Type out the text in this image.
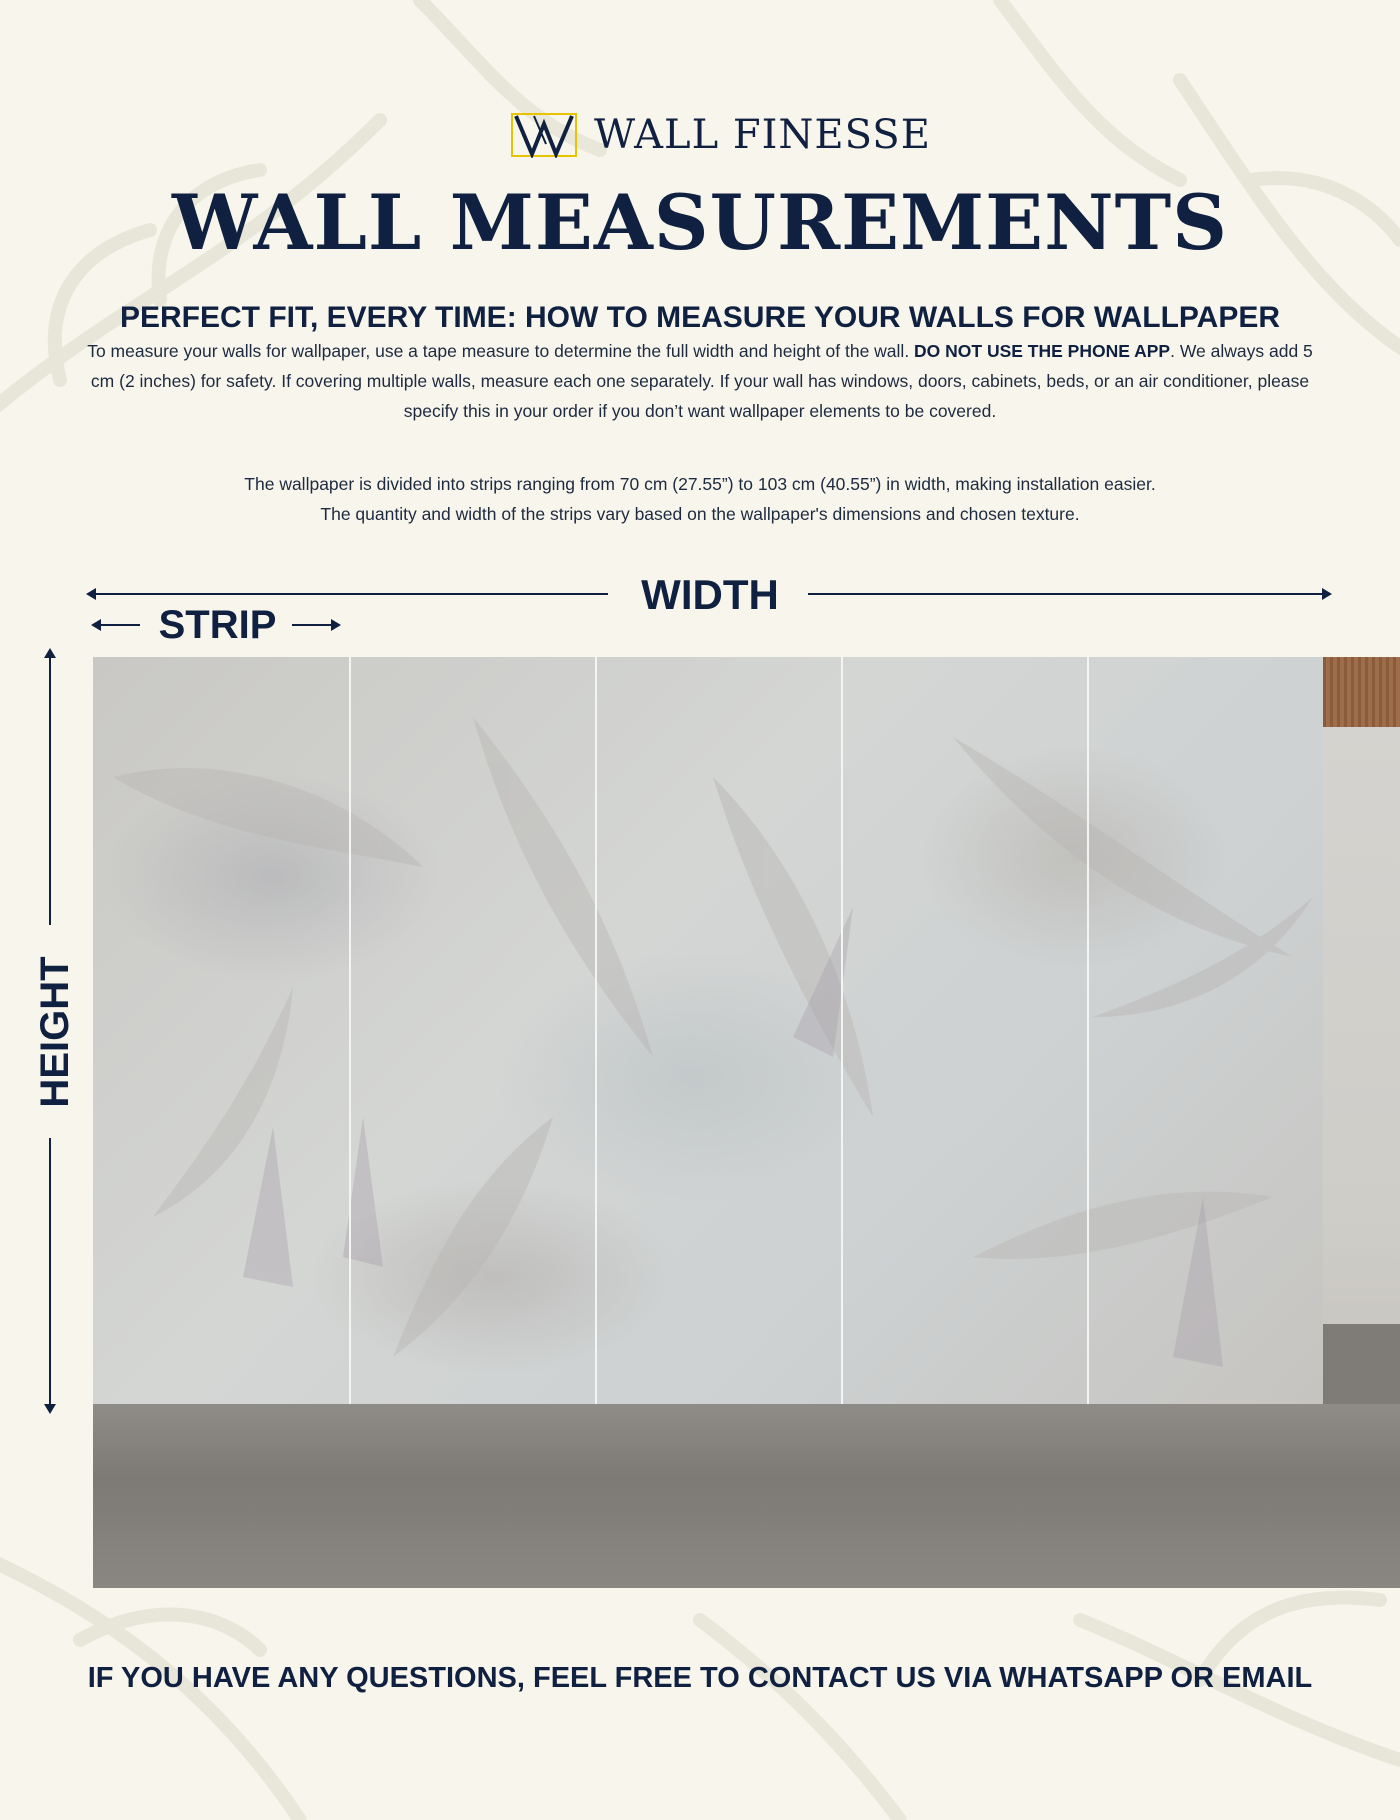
WALL FINESSE
WALL MEASUREMENTS
PERFECT FIT, EVERY TIME: HOW TO MEASURE YOUR WALLS FOR WALLPAPER
To measure your walls for wallpaper, use a tape measure to determine the full width and height of the wall. DO NOT USE THE PHONE APP. We always add 5 cm (2 inches) for safety. If covering multiple walls, measure each one separately. If your wall has windows, doors, cabinets, beds, or an air conditioner, please specify this in your order if you don’t want wallpaper elements to be covered.
The wallpaper is divided into strips ranging from 70 cm (27.55”) to 103 cm (40.55”) in width, making installation easier.
The quantity and width of the strips vary based on the wallpaper's dimensions and chosen texture.
WIDTH
STRIP
HEIGHT
IF YOU HAVE ANY QUESTIONS, FEEL FREE TO CONTACT US VIA WHATSAPP OR EMAIL
